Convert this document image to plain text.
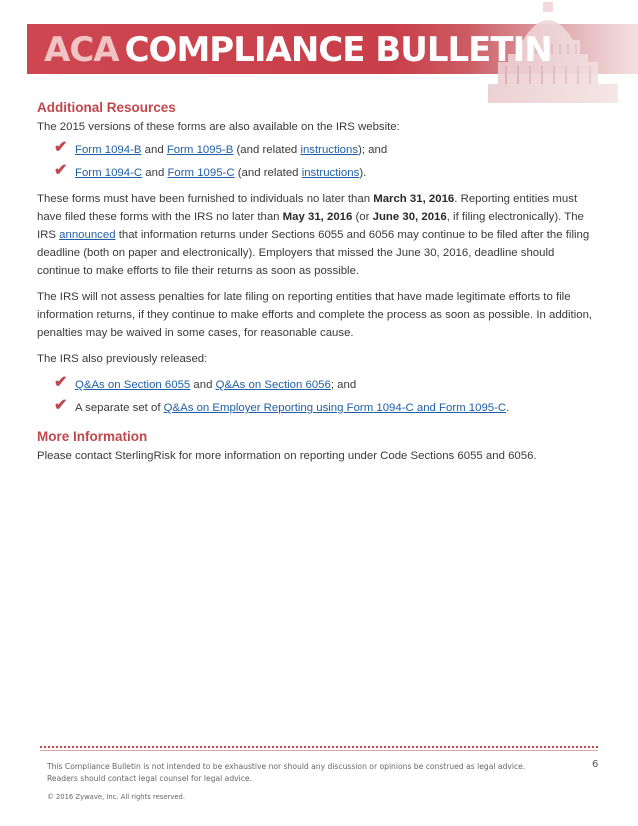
ACA COMPLIANCE BULLETIN
Additional Resources

The 2015 versions of these forms are also available on the IRS website:

✔ Form 1094-B and Form 1095-B (and related instructions); and
✔ Form 1094-C and Form 1095-C (and related instructions).

These forms must have been furnished to individuals no later than March 31, 2016. Reporting entities must have filed these forms with the IRS no later than May 31, 2016 (or June 30, 2016, if filing electronically). The IRS announced that information returns under Sections 6055 and 6056 may continue to be filed after the filing deadline (both on paper and electronically). Employers that missed the June 30, 2016, deadline should continue to make efforts to file their returns as soon as possible.

The IRS will not assess penalties for late filing on reporting entities that have made legitimate efforts to file information returns, if they continue to make efforts and complete the process as soon as possible. In addition, penalties may be waived in some cases, for reasonable cause.

The IRS also previously released:

✔ Q&As on Section 6055 and Q&As on Section 6056; and
✔ A separate set of Q&As on Employer Reporting using Form 1094-C and Form 1095-C.
More Information

Please contact SterlingRisk for more information on reporting under Code Sections 6055 and 6056.

This Compliance Bulletin is not intended to be exhaustive nor should any discussion or opinions be construed as legal advice.
Readers should contact legal counsel for legal advice.
6
© 2016 Zywave, Inc. All rights reserved.
